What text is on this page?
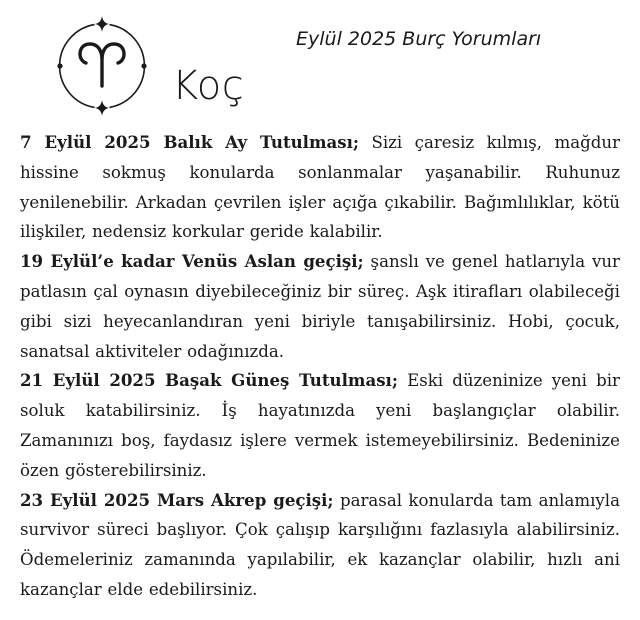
Koç
Eylül 2025 Burç Yorumları

7 Eylül 2025 Balık Ay Tutulması; Sizi çaresiz kılmış, mağdur hissine sokmuş konularda sonlanmalar yaşanabilir. Ruhunuz yenilenebilir. Arkadan çevrilen işler açığa çıkabilir. Bağımlılıklar, kötü ilişkiler, nedensiz korkular geride kalabilir.

19 Eylül’e kadar Venüs Aslan geçişi; şanslı ve genel hatlarıyla vur patlasın çal oynasın diyebileceğiniz bir süreç. Aşk itirafları olabileceği gibi sizi heyecanlandıran yeni biriyle tanışabilirsiniz. Hobi, çocuk, sanatsal aktiviteler odağınızda.

21 Eylül 2025 Başak Güneş Tutulması; Eski düzeninize yeni bir soluk katabilirsiniz. İş hayatınızda yeni başlangıçlar olabilir. Zamanınızı boş, faydasız işlere vermek istemeyebilirsiniz. Bedeninize özen gösterebilirsiniz.

23 Eylül 2025 Mars Akrep geçişi; parasal konularda tam anlamıyla survivor süreci başlıyor. Çok çalışıp karşılığını fazlasıyla alabilirsiniz. Ödemeleriniz zamanında yapılabilir, ek kazançlar olabilir, hızlı ani kazançlar elde edebilirsiniz.
